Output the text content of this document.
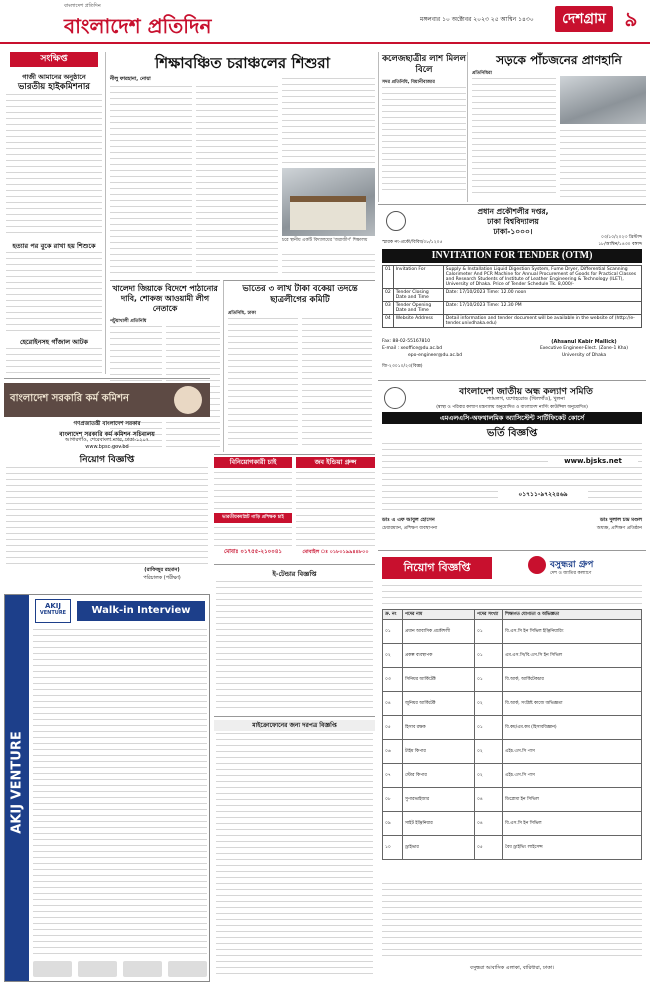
বাংলাদেশ প্রতিদিন
বাংলাদেশ প্রতিদিন	মঙ্গলবার ১০ অক্টোবর ২০২৩ ২৫ আশ্বিন ১৪৩০	দেশগ্রাম ৯
সংক্ষিপ্ত
গাজী আমানের অনুষ্ঠানে
ভারতীয় হাইকমিশনার
হত্যার পর বুকে রাখা হয় শিশুকে
হেরোইনসহ গাঁজাল আটক
শিক্ষাবঞ্চিত চরাঞ্চলের শিশুরা
নীলু ফারহানা, নোয়া
চরে স্থানীয় একটি বিদ্যালয়ের 'জরাজীর্ণ' শিক্ষালয়
কলেজছাত্রীর লাশ মিলল বিলে
সদর প্রতিনিধি, বিয়ানীবাজার
সড়কে পাঁচজনের প্রাণহানি
প্রতিনিধিরা
প্রধান প্রকৌশলীর দপ্তর,
ঢাকা বিশ্ববিদ্যালয়
ঢাকা-১০০০।
স্মারক নং-প্রকৌ/বিবিধ/০৮/১২০৫
০৩/১০/২০২৩ খ্রিস্টাব্দ
১৮/আশ্বিন/১৪৩০ বঙ্গাব্দ
INVITATION FOR TENDER (OTM)
01	Invitation For	Supply & Installation Liquid Digestion System, Fume Dryer, Differential Scanning Calorimeter And PCR Machine for Annual Procurement of Goods for Practical Classes and Research Students of Institute of Leather Engineering & Technology (ILET), University of Dhaka. Price of Tender Schedule Tk. 8,000/-
02	Tender Closing Date and Time	Date: 17/10/2023 Time: 12.00 noon
03	Tender Opening Date and Time	Date: 17/10/2023 Time: 12.30 PM
04	Website Address	Detail information and tender document will be available in the website of (http://e-tender.univdhaka.edu)
Fax: 88-02-55167810
E-mail : xeoffice@du.ac.bd
epo-engineer@du.ac.bd
(Ahsanul Kabir Mallick)
Executive Engineer-Elect. (Zone-1 Kha)
University of Dhaka
জি-২৩০১০/২৩(বিজ্ঞ)
খালেদা জিয়াকে বিদেশে পাঠানোর দাবি, শোকজ আওয়ামী লীগ নেতাকে
পটুয়াখালী প্রতিনিধি
ভাতের ৩ লাখ টাকা বকেয়া তদন্তে ছাত্রলীগের কমিটি
প্রতিনিধি, ঢাকা
বাংলাদেশ সরকারি কর্ম কমিশন
গণপ্রজাতন্ত্রী বাংলাদেশ সরকার
বাংলাদেশ সরকারি কর্ম কমিশন সচিবালয়
আগারগাঁও, শেরেবাংলা নগর, ঢাকা-১২০৭
www.bpsc.gov.bd
নিয়োগ বিজ্ঞপ্তি
(রাফিজুর রহমান)
পরিচালক (পরীক্ষা)
বিনিয়োগকারী চাই	জব ইন্ডিয়া গ্রুপ্স
ভারতীয়কমপ্লিট গাড়ি প্রশিক্ষক চাই
মোবাঃ ০১৭৫৫-২১০০৪১	মোবাইল ঃ ০১৮০১৯৯৪৪৮০০
বাংলাদেশ জাতীয় অন্ধ কল্যাণ সমিতি
শ্যামলগ, যশোহরোড (খিলগাঁও), খুলনা
(স্বাস্থ্য ও পরিবার কল্যাণ মন্ত্রণালয় অনুমোদিত ও বাংলাদেশ নার্সিং কাউন্সিল অনুমোদিত)
এমএলএসি-অফথালমিক অ্যাসিস্টেন্ট সার্টিফিকেট কোর্সে
ভর্তি বিজ্ঞপ্তি
www.bjsks.net
০১৭১১-৯৭২২৪৬৯
ডাঃ এ এফ আবুল হোসেন
চেয়ারম্যান, প্রশিক্ষণ ব্যবস্থাপনা
ডাঃ দুলাল চন্দ্র মণ্ডল
অধ্যক্ষ, প্রশিক্ষণ প্রতিষ্ঠান
ই-টেন্ডার বিজ্ঞপ্তি
মাইক্রোফোনের জন্য দরপত্র বিজ্ঞপ্তি
AKIJ VENTURE
AKIJ
VENTURE	Walk-in Interview
নিয়োগ বিজ্ঞপ্তি	বসুন্ধরা গ্রুপ
দেশ ও জাতির কল্যাণে
ক্র. নং	পদের নাম	পদের সংখ্যা	শিক্ষাগত যোগ্যতা ও অভিজ্ঞতা
০১	প্রধান আবাসিক প্রকৌশলী	০১	বি.এস.সি ইন সিভিল ইঞ্জিনিয়ারিং
০২	প্রকল্প ব্যবস্থাপক	০১	এম.এস.সি/বি.এস.সি ইন সিভিল
০৩	সিনিয়র আর্কিটেক্ট	০১	বি.আর্ক, আর্কিটেকচার
০৪	জুনিয়র আর্কিটেক্ট	০২	বি.আর্ক, সংশ্লিষ্ট কাজে অভিজ্ঞতা
০৫	হিসাব রক্ষক	০১	বি.কম/এম.কম (হিসাববিজ্ঞান)
০৬	টাইম কিপার	০২	এইচ.এস.সি পাস
০৭	স্টোর কিপার	০২	এইচ.এস.সি পাস
০৮	সুপারভাইজার	০৪	ডিপ্লোমা ইন সিভিল
০৯	সাইট ইঞ্জিনিয়ার	০৪	বি.এস.সি ইন সিভিল
১০	ড্রাইভার	০৫	বৈধ ড্রাইভিং লাইসেন্স
বসুন্ধরা আবাসিক এলাকা, বারিধারা, ঢাকা।
